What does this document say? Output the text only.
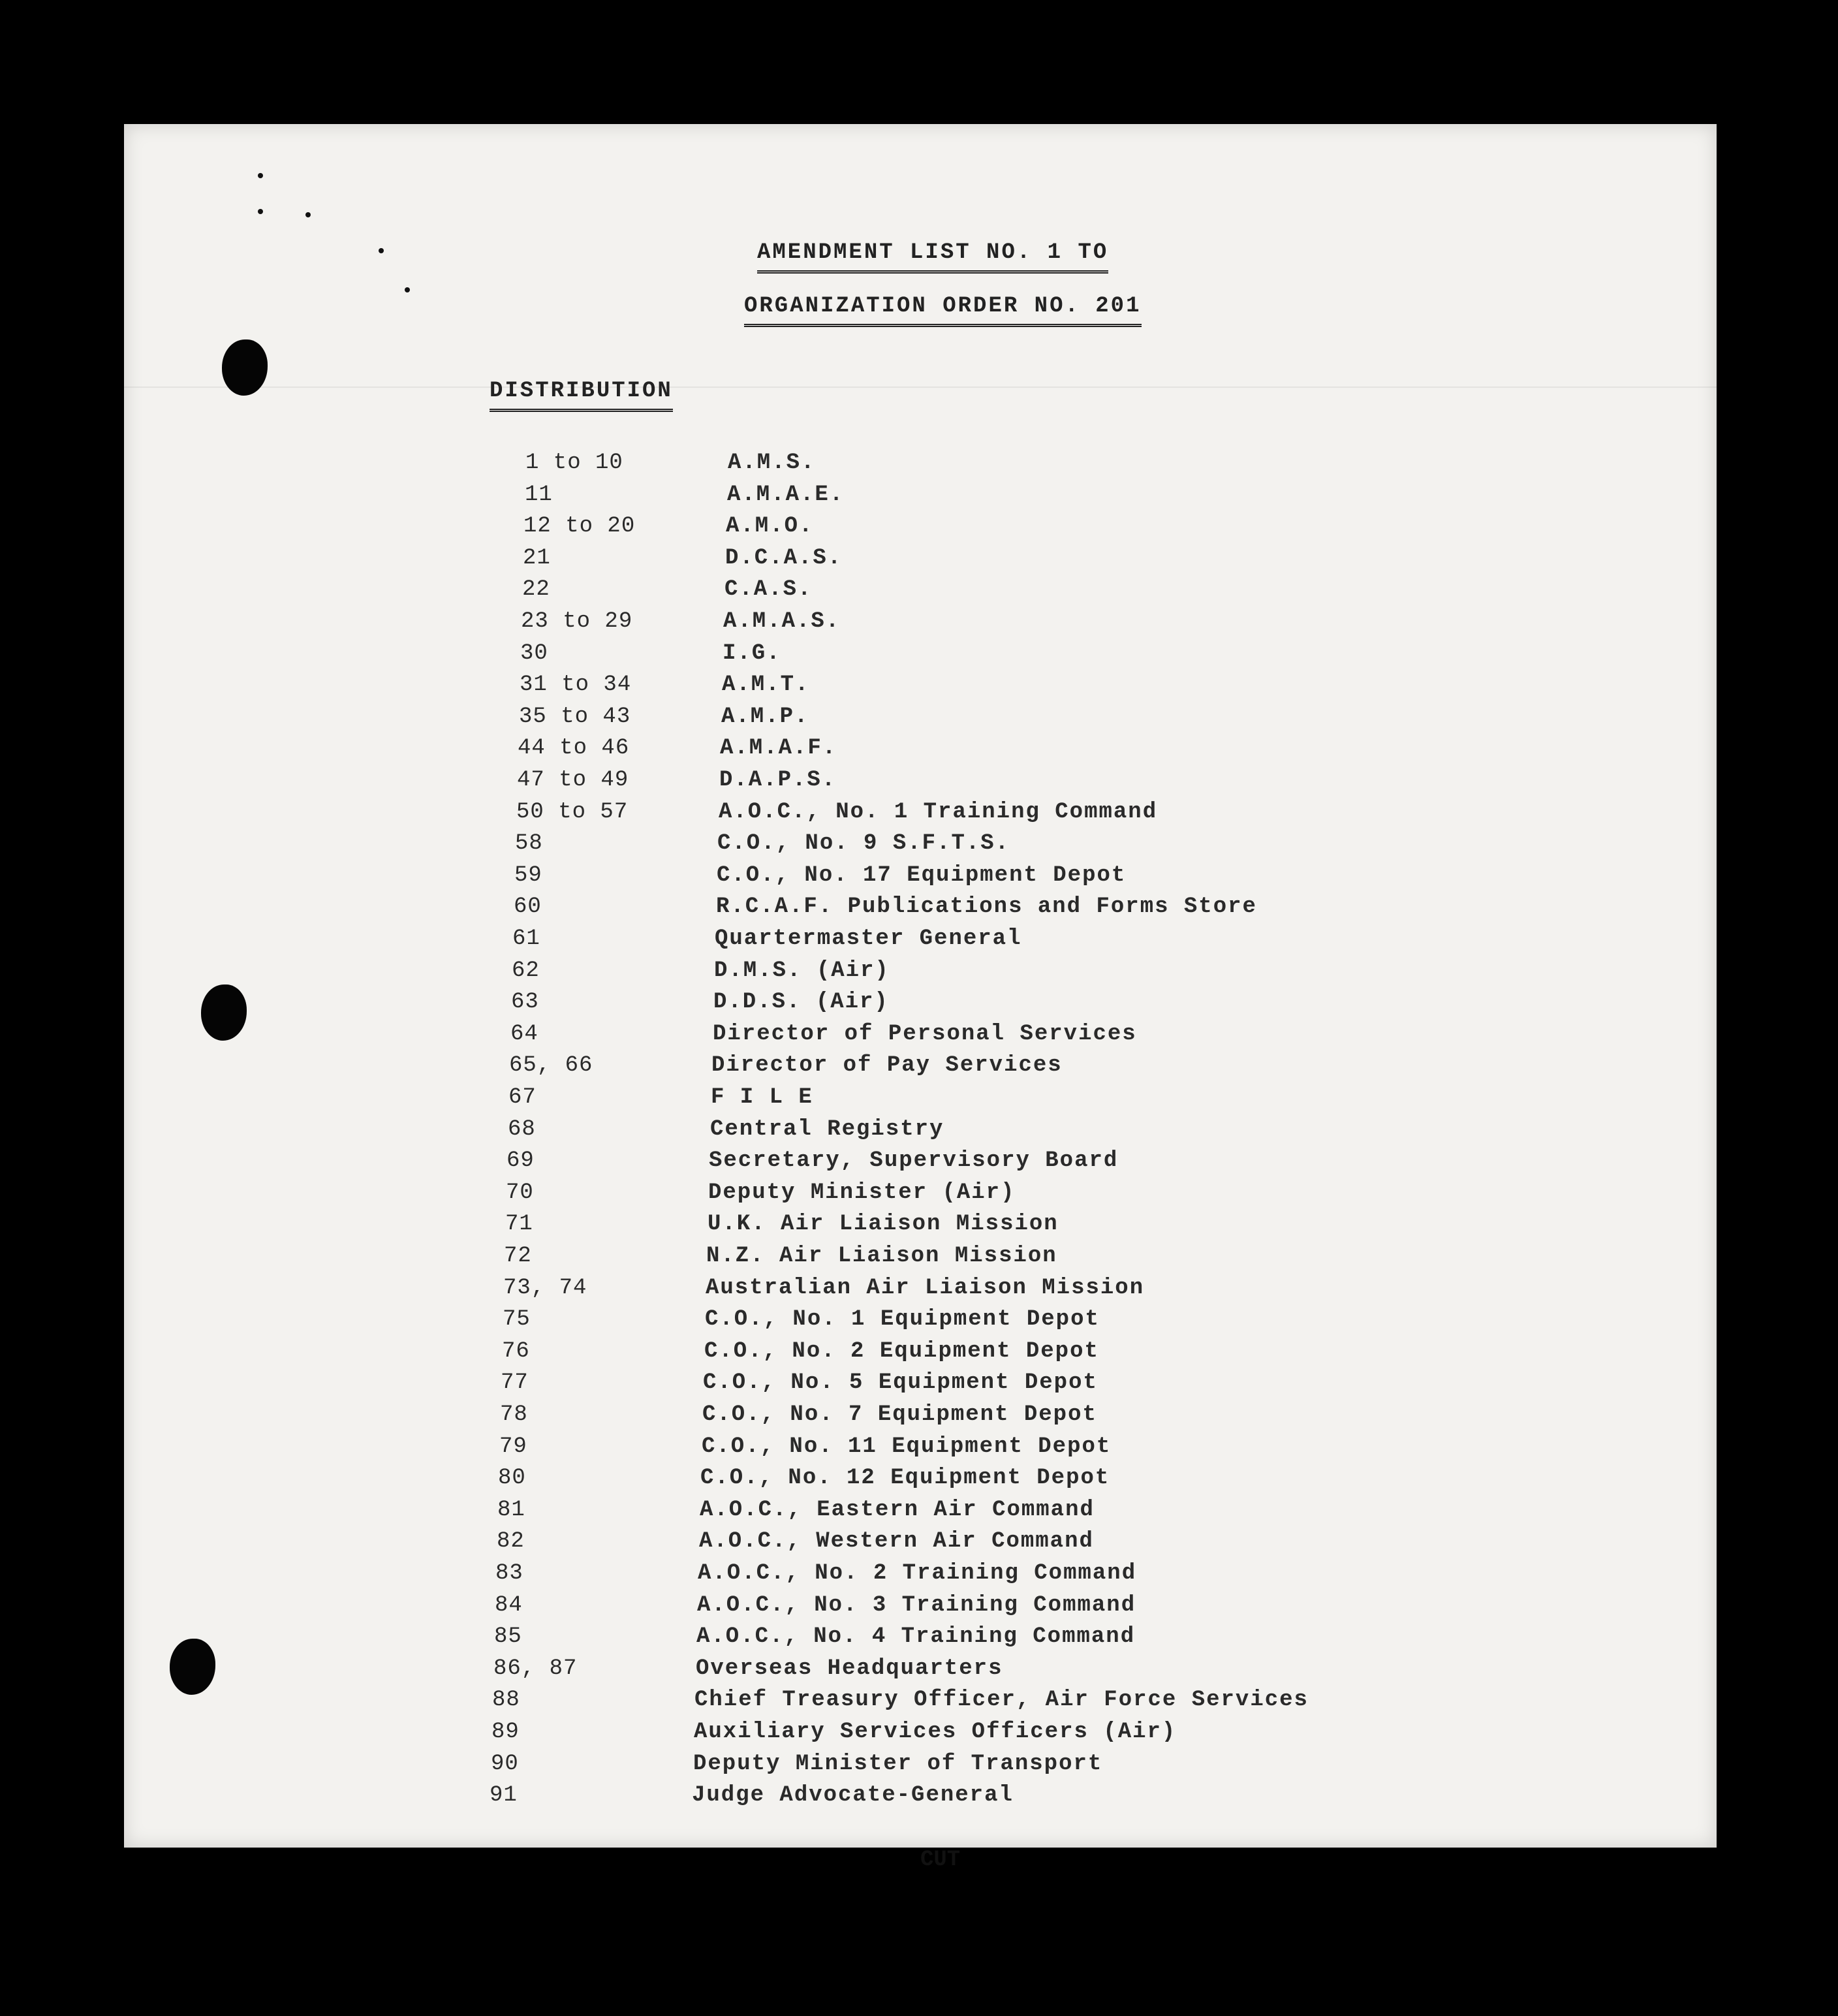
AMENDMENT LIST NO. 1 TO
ORGANIZATION ORDER NO. 201
DISTRIBUTION
1 to 10	A.M.S.
11	A.M.A.E.
12 to 20	A.M.O.
21	D.C.A.S.
22	C.A.S.
23 to 29	A.M.A.S.
30	I.G.
31 to 34	A.M.T.
35 to 43	A.M.P.
44 to 46	A.M.A.F.
47 to 49	D.A.P.S.
50 to 57	A.O.C., No. 1 Training Command
58	C.O., No. 9 S.F.T.S.
59	C.O., No. 17 Equipment Depot
60	R.C.A.F. Publications and Forms Store
61	Quartermaster General
62	D.M.S. (Air)
63	D.D.S. (Air)
64	Director of Personal Services
65, 66	Director of Pay Services
67	F I L E
68	Central Registry
69	Secretary, Supervisory Board
70	Deputy Minister (Air)
71	U.K. Air Liaison Mission
72	N.Z. Air Liaison Mission
73, 74	Australian Air Liaison Mission
75	C.O., No. 1 Equipment Depot
76	C.O., No. 2 Equipment Depot
77	C.O., No. 5 Equipment Depot
78	C.O., No. 7 Equipment Depot
79	C.O., No. 11 Equipment Depot
80	C.O., No. 12 Equipment Depot
81	A.O.C., Eastern Air Command
82	A.O.C., Western Air Command
83	A.O.C., No. 2 Training Command
84	A.O.C., No. 3 Training Command
85	A.O.C., No. 4 Training Command
86, 87	Overseas Headquarters
88	Chief Treasury Officer, Air Force Services
89	Auxiliary Services Officers (Air)
90	Deputy Minister of Transport
91	Judge Advocate-General
CUT
